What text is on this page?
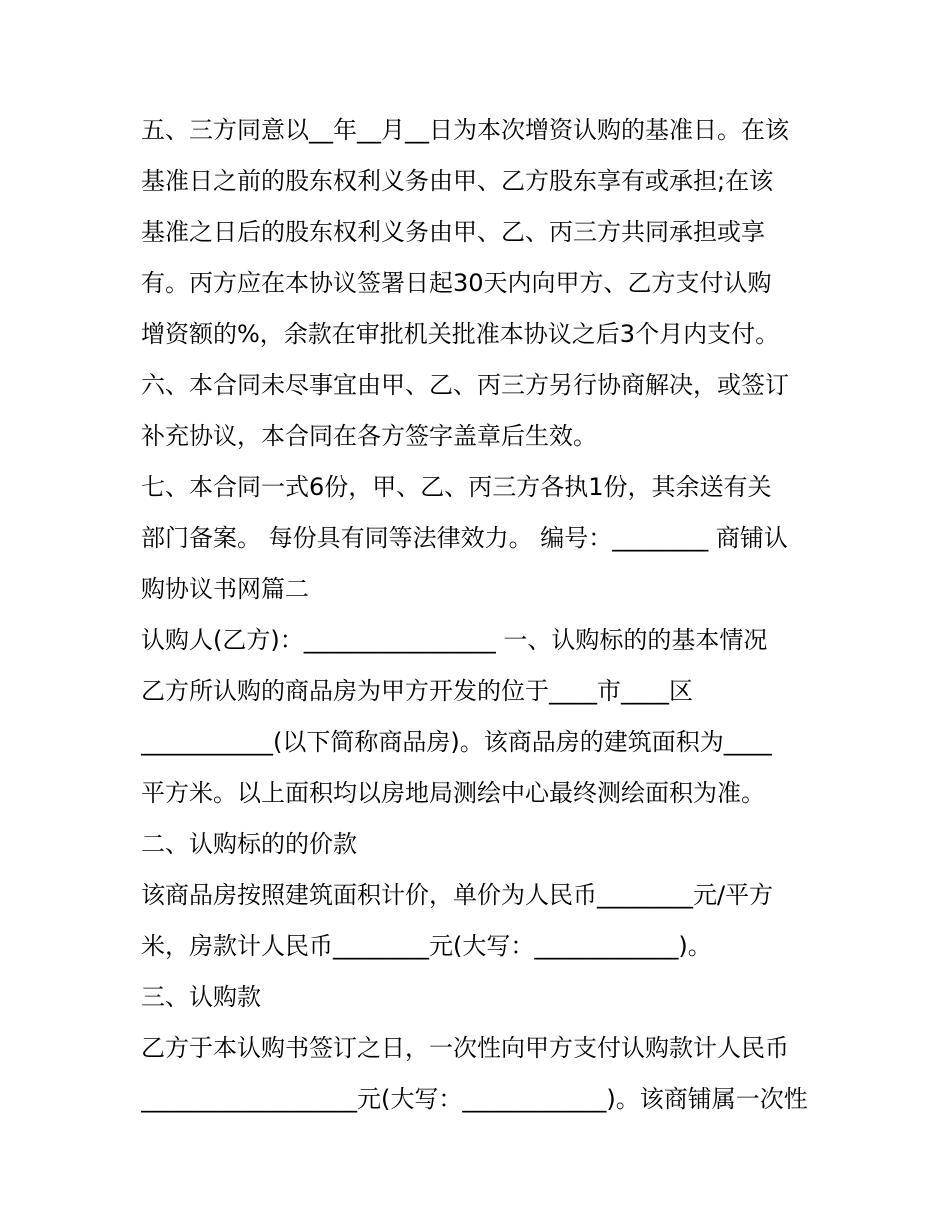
五、三方同意以__年__月__日为本次增资认购的基准日。在该
基准日之前的股东权利义务由甲、乙方股东享有或承担;在该
基准之日后的股东权利义务由甲、乙、丙三方共同承担或享
有。丙方应在本协议签署日起30天内向甲方、乙方支付认购
增资额的%，余款在审批机关批准本协议之后3个月内支付。
六、本合同未尽事宜由甲、乙、丙三方另行协商解决，或签订
补充协议，本合同在各方签字盖章后生效。
七、本合同一式6份，甲、乙、丙三方各执1份，其余送有关
部门备案。 每份具有同等法律效力。 编号：________ 商铺认
购协议书网篇二
认购人(乙方)：________________ 一、认购标的的基本情况
乙方所认购的商品房为甲方开发的位于____市____区
___________(以下简称商品房)。该商品房的建筑面积为____
平方米。以上面积均以房地局测绘中心最终测绘面积为准。
二、认购标的的价款
该商品房按照建筑面积计价，单价为人民币________元/平方
米，房款计人民币________元(大写：____________)。
三、认购款
乙方于本认购书签订之日，一次性向甲方支付认购款计人民币
__________________元(大写：____________)。该商铺属一次性
